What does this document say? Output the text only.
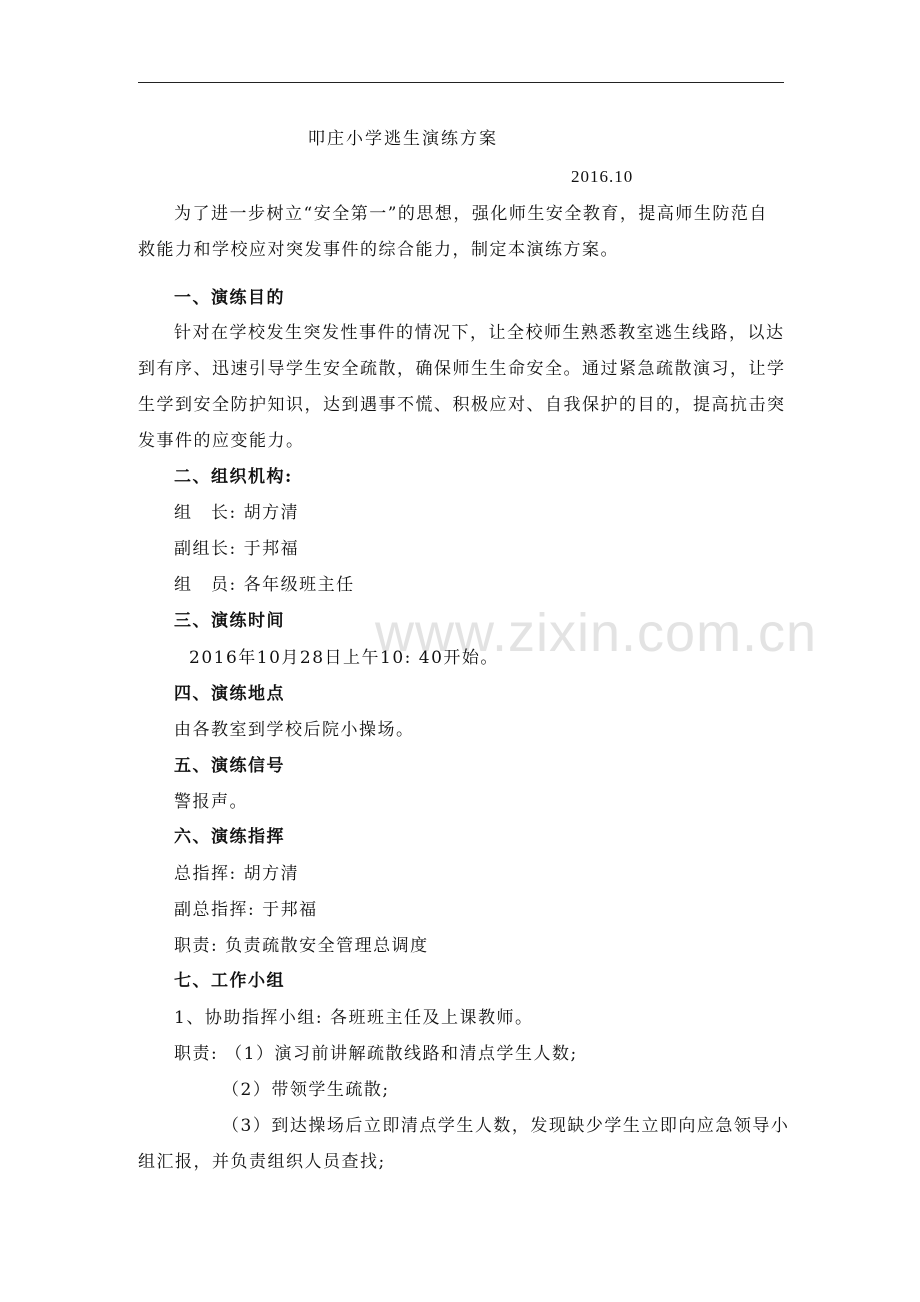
www.zixin.com.cn
叩庄小学逃生演练方案
2016.10
为了进一步树立“安全第一”的思想，强化师生安全教育，提高师生防范自
救能力和学校应对突发事件的综合能力，制定本演练方案。
一、演练目的
针对在学校发生突发性事件的情况下，让全校师生熟悉教室逃生线路，以达
到有序、迅速引导学生安全疏散，确保师生生命安全。通过紧急疏散演习，让学
生学到安全防护知识，达到遇事不慌、积极应对、自我保护的目的，提高抗击突
发事件的应变能力。
二、组织机构:
组　长: 胡方清
副组长: 于邦福
组　员: 各年级班主任
三、演练时间
2016年10月28日上午10: 40开始。
四、演练地点
由各教室到学校后院小操场。
五、演练信号
警报声。
六、演练指挥
总指挥: 胡方清
副总指挥: 于邦福
职责: 负责疏散安全管理总调度
七、工作小组
1、协助指挥小组: 各班班主任及上课教师。
职责: （1）演习前讲解疏散线路和清点学生人数;
（2）带领学生疏散;
（3）到达操场后立即清点学生人数，发现缺少学生立即向应急领导小
组汇报，并负责组织人员查找;
